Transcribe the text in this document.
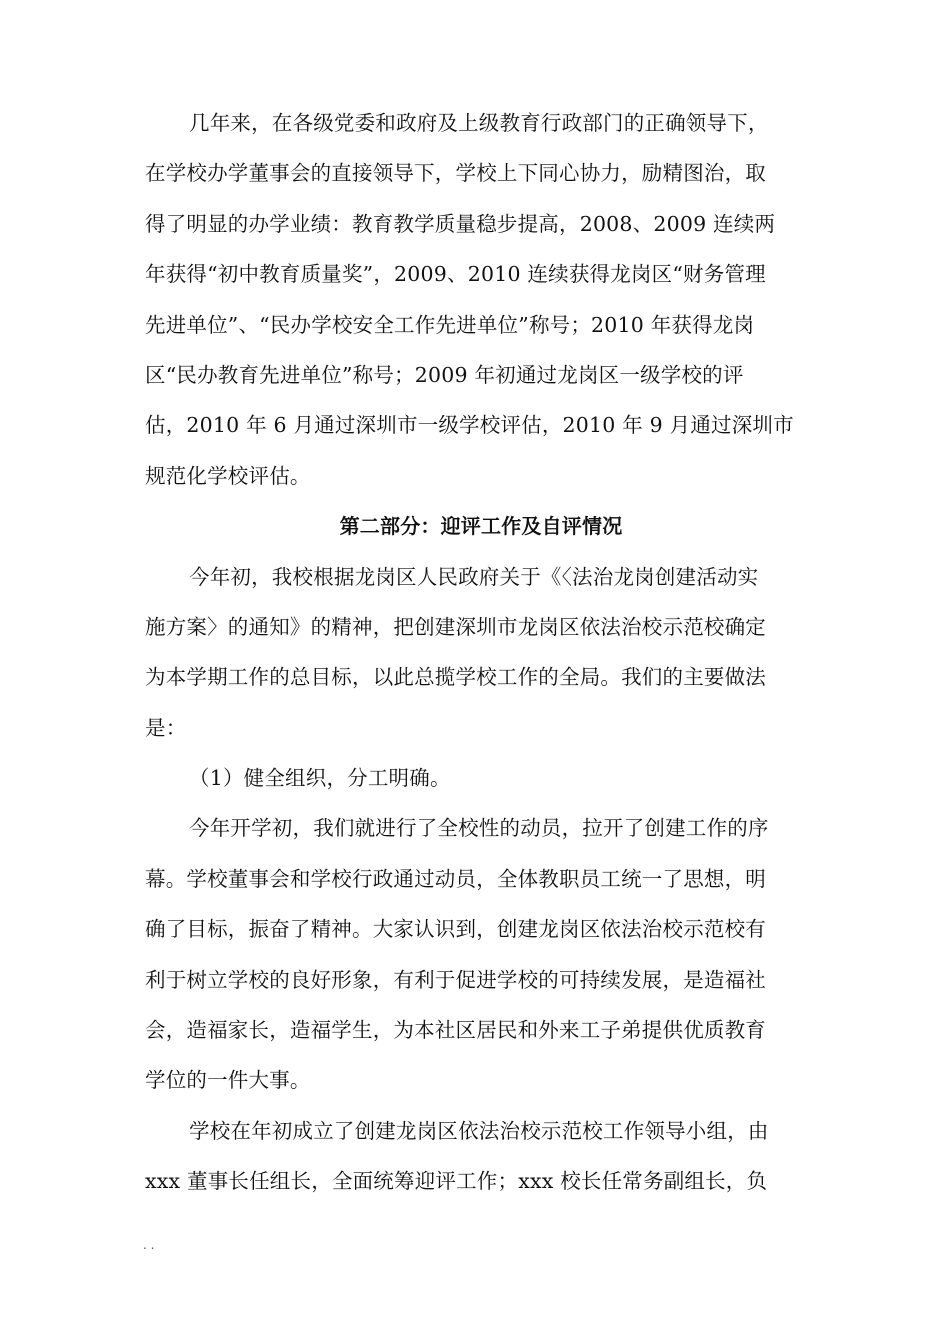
几年来，在各级党委和政府及上级教育行政部门的正确领导下，
在学校办学董事会的直接领导下，学校上下同心协力，励精图治，取
得了明显的办学业绩：教育教学质量稳步提高，2008、2009 连续两
年获得“初中教育质量奖”，2009、2010 连续获得龙岗区“财务管理
先进单位”、“民办学校安全工作先进单位”称号；2010 年获得龙岗
区“民办教育先进单位”称号；2009 年初通过龙岗区一级学校的评
估，2010 年 6 月通过深圳市一级学校评估，2010 年 9 月通过深圳市
规范化学校评估。
第二部分：迎评工作及自评情况
今年初，我校根据龙岗区人民政府关于《〈法治龙岗创建活动实
施方案〉的通知》的精神，把创建深圳市龙岗区依法治校示范校确定
为本学期工作的总目标，以此总揽学校工作的全局。我们的主要做法
是：
（1）健全组织，分工明确。
今年开学初，我们就进行了全校性的动员，拉开了创建工作的序
幕。学校董事会和学校行政通过动员，全体教职员工统一了思想，明
确了目标，振奋了精神。大家认识到，创建龙岗区依法治校示范校有
利于树立学校的良好形象，有利于促进学校的可持续发展，是造福社
会，造福家长，造福学生，为本社区居民和外来工子弟提供优质教育
学位的一件大事。
学校在年初成立了创建龙岗区依法治校示范校工作领导小组，由
xxx 董事长任组长，全面统筹迎评工作；xxx 校长任常务副组长，负
. .
